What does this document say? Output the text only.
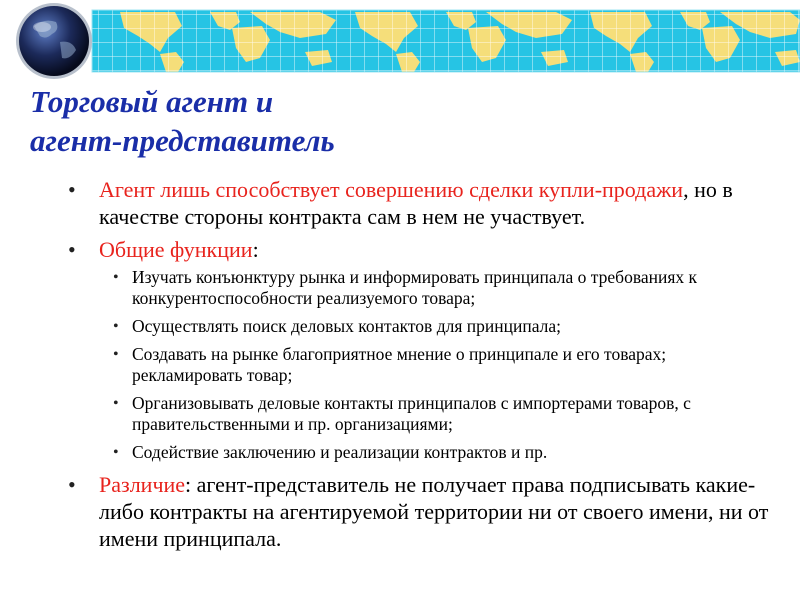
Торговый агент и
агент-представитель
• Агент лишь способствует совершению сделки купли-продажи, но в качестве стороны контракта сам в нем не участвует.
• Общие функции:
• Изучать конъюнктуру рынка и информировать принципала о требованиях к конкурентоспособности реализуемого товара;
• Осуществлять поиск деловых контактов для принципала;
• Создавать на рынке благоприятное мнение о принципале и его товарах; рекламировать товар;
• Организовывать деловые контакты принципалов с импортерами товаров, с правительственными и пр. организациями;
• Содействие заключению и реализации контрактов и пр.
• Различие: агент-представитель не получает права подписывать какие-либо контракты на агентируемой территории ни от своего имени, ни от имени принципала.
